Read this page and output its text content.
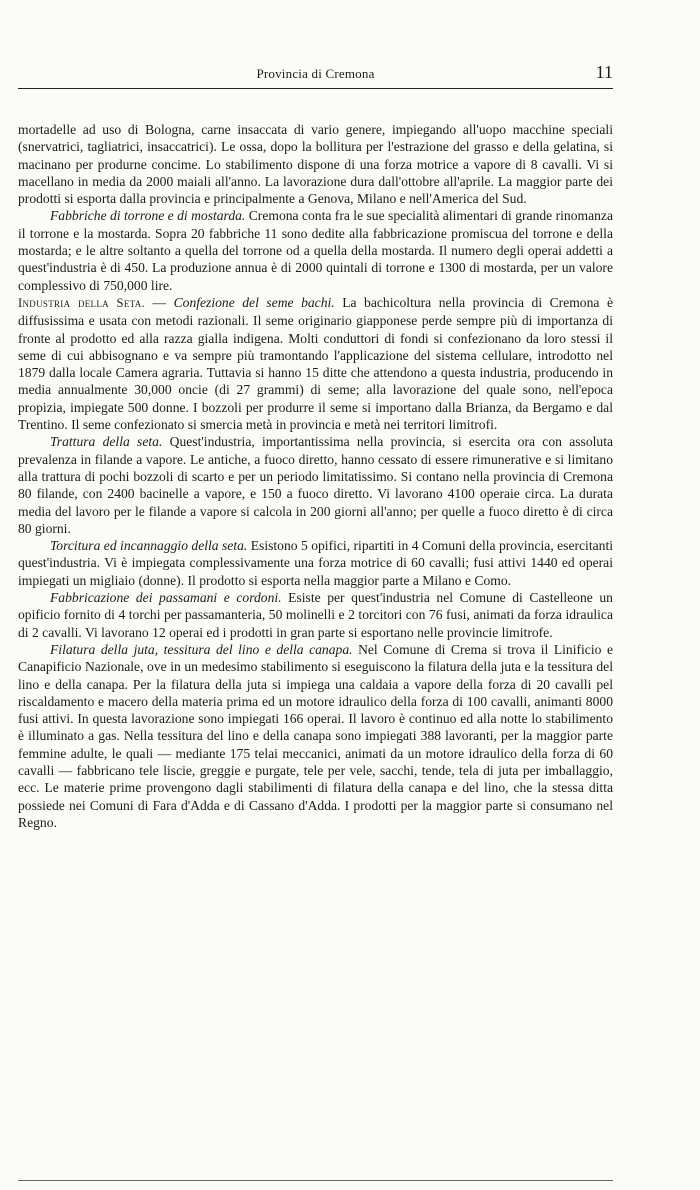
Provincia di Cremona	11

mortadelle ad uso di Bologna, carne insaccata di vario genere, impiegando all'uopo macchine speciali (snervatrici, tagliatrici, insaccatrici). Le ossa, dopo la bollitura per l'estrazione del grasso e della gelatina, si macinano per produrne concime. Lo stabilimento dispone di una forza motrice a vapore di 8 cavalli. Vi si macellano in media da 2000 maiali all'anno. La lavorazione dura dall'ottobre all'aprile. La maggior parte dei prodotti si esporta dalla provincia e principalmente a Genova, Milano e nell'America del Sud.

Fabbriche di torrone e di mostarda. Cremona conta fra le sue specialità alimentari di grande rinomanza il torrone e la mostarda. Sopra 20 fabbriche 11 sono dedite alla fabbricazione promiscua del torrone e della mostarda; e le altre soltanto a quella del torrone od a quella della mostarda. Il numero degli operai addetti a quest'industria è di 450. La produzione annua è di 2000 quintali di torrone e 1300 di mostarda, per un valore complessivo di 750,000 lire.

Industria della Seta. — Confezione del seme bachi. La bachicoltura nella provincia di Cremona è diffusissima e usata con metodi razionali. Il seme originario giapponese perde sempre più di importanza di fronte al prodotto ed alla razza gialla indigena. Molti conduttori di fondi si confezionano da loro stessi il seme di cui abbisognano e va sempre più tramontando l'applicazione del sistema cellulare, introdotto nel 1879 dalla locale Camera agraria. Tuttavia si hanno 15 ditte che attendono a questa industria, producendo in media annualmente 30,000 oncie (di 27 grammi) di seme; alla lavorazione del quale sono, nell'epoca propizia, impiegate 500 donne. I bozzoli per produrre il seme si importano dalla Brianza, da Bergamo e dal Trentino. Il seme confezionato si smercia metà in provincia e metà nei territori limitrofi.

Trattura della seta. Quest'industria, importantissima nella provincia, si esercita ora con assoluta prevalenza in filande a vapore. Le antiche, a fuoco diretto, hanno cessato di essere rimunerative e si limitano alla trattura di pochi bozzoli di scarto e per un periodo limitatissimo. Si contano nella provincia di Cremona 80 filande, con 2400 bacinelle a vapore, e 150 a fuoco diretto. Vi lavorano 4100 operaie circa. La durata media del lavoro per le filande a vapore si calcola in 200 giorni all'anno; per quelle a fuoco diretto è di circa 80 giorni.

Torcitura ed incannaggio della seta. Esistono 5 opifici, ripartiti in 4 Comuni della provincia, esercitanti quest'industria. Vi è impiegata complessivamente una forza motrice di 60 cavalli; fusi attivi 1440 ed operai impiegati un migliaio (donne). Il prodotto si esporta nella maggior parte a Milano e Como.

Fabbricazione dei passamani e cordoni. Esiste per quest'industria nel Comune di Castelleone un opificio fornito di 4 torchi per passamanteria, 50 molinelli e 2 torcitori con 76 fusi, animati da forza idraulica di 2 cavalli. Vi lavorano 12 operai ed i prodotti in gran parte si esportano nelle provincie limitrofe.

Filatura della juta, tessitura del lino e della canapa. Nel Comune di Crema si trova il Linificio e Canapificio Nazionale, ove in un medesimo stabilimento si eseguiscono la filatura della juta e la tessitura del lino e della canapa. Per la filatura della juta si impiega una caldaia a vapore della forza di 20 cavalli pel riscaldamento e macero della materia prima ed un motore idraulico della forza di 100 cavalli, animanti 8000 fusi attivi. In questa lavorazione sono impiegati 166 operai. Il lavoro è continuo ed alla notte lo stabilimento è illuminato a gas. Nella tessitura del lino e della canapa sono impiegati 388 lavoranti, per la maggior parte femmine adulte, le quali — mediante 175 telai meccanici, animati da un motore idraulico della forza di 60 cavalli — fabbricano tele liscie, greggie e purgate, tele per vele, sacchi, tende, tela di juta per imballaggio, ecc. Le materie prime provengono dagli stabilimenti di filatura della canapa e del lino, che la stessa ditta possiede nei Comuni di Fara d'Adda e di Cassano d'Adda. I prodotti per la maggior parte si consumano nel Regno.
